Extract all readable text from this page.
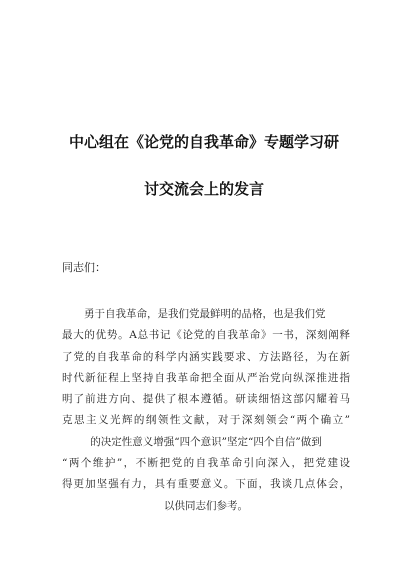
中心组在《论党的自我革命》专题学习研
讨交流会上的发言
同志们：
勇于自我革命，是我们党最鲜明的品格，也是我们党
最大的优势。A总书记《论党的自我革命》一书，深刻阐释
了党的自我革命的科学内涵实践要求、方法路径，为在新
时代新征程上坚持自我革命把全面从严治党向纵深推进指
明了前进方向、提供了根本遵循。研读细悟这部闪耀着马
克思主义光辉的纲领性文献，对于深刻领会“两个确立”
的决定性意义增强“四个意识”坚定“四个自信”做到
“两个维护”，不断把党的自我革命引向深入，把党建设
得更加坚强有力，具有重要意义。下面，我谈几点体会，
以供同志们参考。
